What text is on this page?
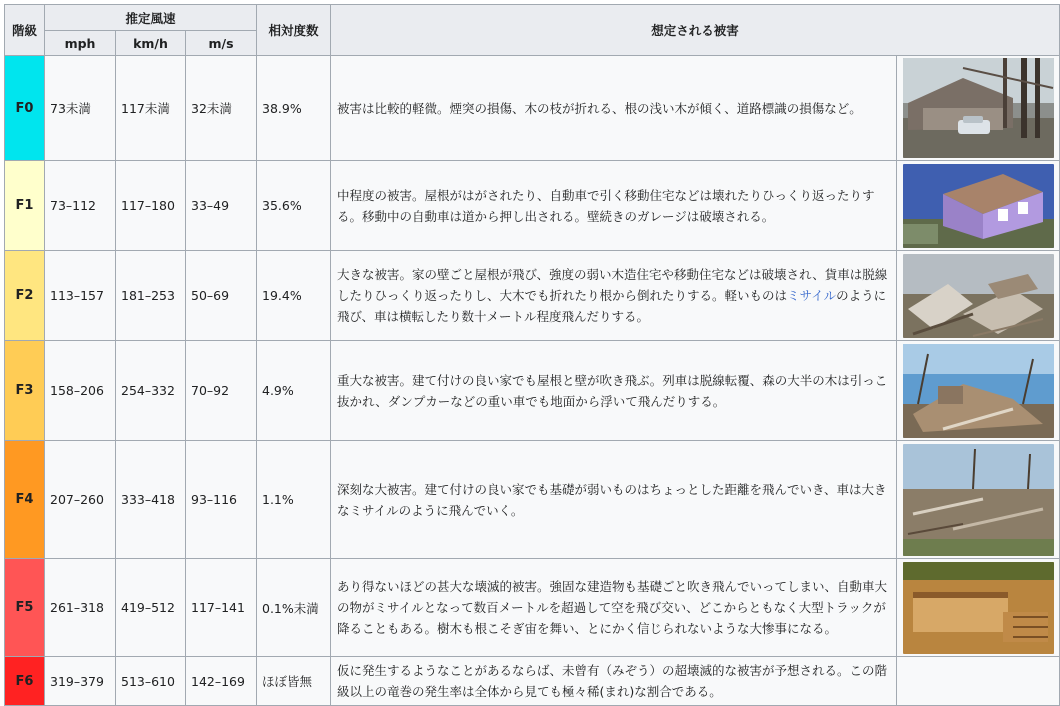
階級	推定風速			相対度数	想定される被害	
	mph	km/h	m/s			
F0	73未満	117未満	32未満	38.9%	被害は比較的軽微。煙突の損傷、木の枝が折れる、根の浅い木が傾く、道路標識の損傷など。	

F1	73–112	117–180	33–49	35.6%	中程度の被害。屋根がはがされたり、自動車で引く移動住宅などは壊れたりひっくり返ったりする。移動中の自動車は道から押し出される。壁続きのガレージは破壊される。	

F2	113–157	181–253	50–69	19.4%	大きな被害。家の壁ごと屋根が飛び、強度の弱い木造住宅や移動住宅などは破壊され、貨車は脱線したりひっくり返ったりし、大木でも折れたり根から倒れたりする。軽いものはミサイルのように飛び、車は横転したり数十メートル程度飛んだりする。	

F3	158–206	254–332	70–92	4.9%	重大な被害。建て付けの良い家でも屋根と壁が吹き飛ぶ。列車は脱線転覆、森の大半の木は引っこ抜かれ、ダンプカーなどの重い車でも地面から浮いて飛んだりする。	

F4	207–260	333–418	93–116	1.1%	深刻な大被害。建て付けの良い家でも基礎が弱いものはちょっとした距離を飛んでいき、車は大きなミサイルのように飛んでいく。	

F5	261–318	419–512	117–141	0.1%未満	あり得ないほどの甚大な壊滅的被害。強固な建造物も基礎ごと吹き飛んでいってしまい、自動車大の物がミサイルとなって数百メートルを超過して空を飛び交い、どこからともなく大型トラックが降ることもある。樹木も根こそぎ宙を舞い、とにかく信じられないような大惨事になる。	

F6	319–379	513–610	142–169	ほぼ皆無	仮に発生するようなことがあるならば、未曾有（みぞう）の超壊滅的な被害が予想される。この階級以上の竜巻の発生率は全体から見ても極々稀(まれ)な割合である。	
